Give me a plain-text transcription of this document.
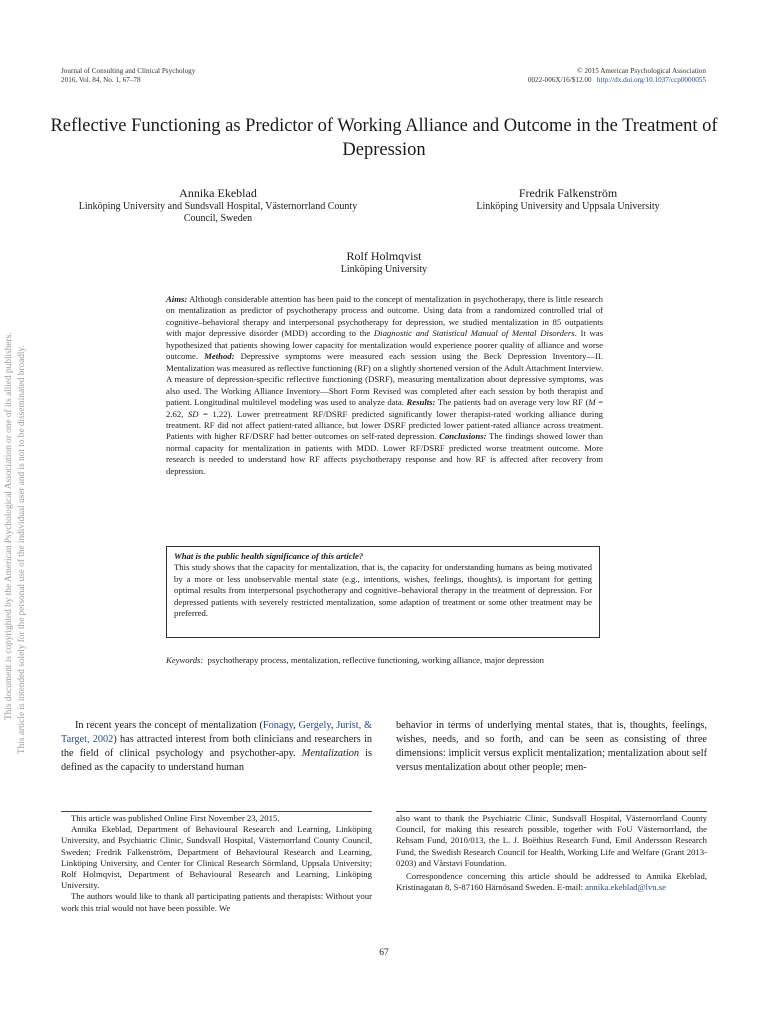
Journal of Consulting and Clinical Psychology
2016, Vol. 84, No. 1, 67–78
© 2015 American Psychological Association
0022-006X/16/$12.00 http://dx.doi.org/10.1037/ccp0000055
Reflective Functioning as Predictor of Working Alliance and Outcome in the Treatment of Depression
Annika Ekeblad
Linköping University and Sundsvall Hospital, Västernorrland County Council, Sweden
Fredrik Falkenström
Linköping University and Uppsala University
Rolf Holmqvist
Linköping University
This document is copyrighted by the American Psychological Association or one of its allied publishers. This article is intended solely for the personal use of the individual user and is not to be disseminated broadly.
Aims: Although considerable attention has been paid to the concept of mentalization in psychotherapy, there is little research on mentalization as predictor of psychotherapy process and outcome. Using data from a randomized controlled trial of cognitive–behavioral therapy and interpersonal psychotherapy for depression, we studied mentalization in 85 outpatients with major depressive disorder (MDD) according to the Diagnostic and Statistical Manual of Mental Disorders. It was hypothesized that patients showing lower capacity for mentalization would experience poorer quality of alliance and worse outcome. Method: Depressive symptoms were measured each session using the Beck Depression Inventory—II. Mentalization was measured as reflective functioning (RF) on a slightly shortened version of the Adult Attachment Interview. A measure of depression-specific reflective functioning (DSRF), measuring mentalization about depressive symptoms, was also used. The Working Alliance Inventory—Short Form Revised was completed after each session by both therapist and patient. Longitudinal multilevel modeling was used to analyze data. Results: The patients had on average very low RF (M = 2.62, SD = 1.22). Lower pretreatment RF/DSRF predicted significantly lower therapist-rated working alliance during treatment. RF did not affect patient-rated alliance, but lower DSRF predicted lower patient-rated alliance across treatment. Patients with higher RF/DSRF had better outcomes on self-rated depression. Conclusions: The findings showed lower than normal capacity for mentalization in patients with MDD. Lower RF/DSRF predicted worse treatment outcome. More research is needed to understand how RF affects psychotherapy response and how RF is affected after recovery from depression.
What is the public health significance of this article?
This study shows that the capacity for mentalization, that is, the capacity for understanding humans as being motivated by a more or less unobservable mental state (e.g., intentions, wishes, feelings, thoughts), is important for getting optimal results from interpersonal psychotherapy and cognitive–behavioral therapy in the treatment of depression. For depressed patients with severely restricted mentalization, some adaption of treatment or some other treatment may be preferred.
Keywords: psychotherapy process, mentalization, reflective functioning, working alliance, major depression
In recent years the concept of mentalization (Fonagy, Gergely, Jurist, & Target, 2002) has attracted interest from both clinicians and researchers in the field of clinical psychology and psychother-apy. Mentalization is defined as the capacity to understand human
behavior in terms of underlying mental states, that is, thoughts, feelings, wishes, needs, and so forth, and can be seen as consisting of three dimensions: implicit versus explicit mentalization; mentalization about self versus mentalization about other people; men-

This article was published Online First November 23, 2015.

Annika Ekeblad, Department of Behavioural Research and Learning, Linköping University, and Psychiatric Clinic, Sundsvall Hospital, Västernorrland County Council, Sweden; Fredrik Falkenström, Department of Behavioural Research and Learning, Linköping University, and Center for Clinical Research Sörmland, Uppsala University; Rolf Holmqvist, Department of Behavioural Research and Learning, Linköping University.

The authors would like to thank all participating patients and therapists: Without your work this trial would not have been possible. We

also want to thank the Psychiatric Clinic, Sundsvall Hospital, Västernorrland County Council, for making this research possible, together with FoU Västernorrland, the Rehsam Fund, 2010/013, the L. J. Boëthius Research Fund, Emil Andersson Research Fund, the Swedish Research Council for Health, Working Life and Welfare (Grant 2013-0203) and Vårstavi Foundation.

Correspondence concerning this article should be addressed to Annika Ekeblad, Kristinagatan 8, S-87160 Härnösand Sweden. E-mail: annika.ekeblad@lvn.se

67
